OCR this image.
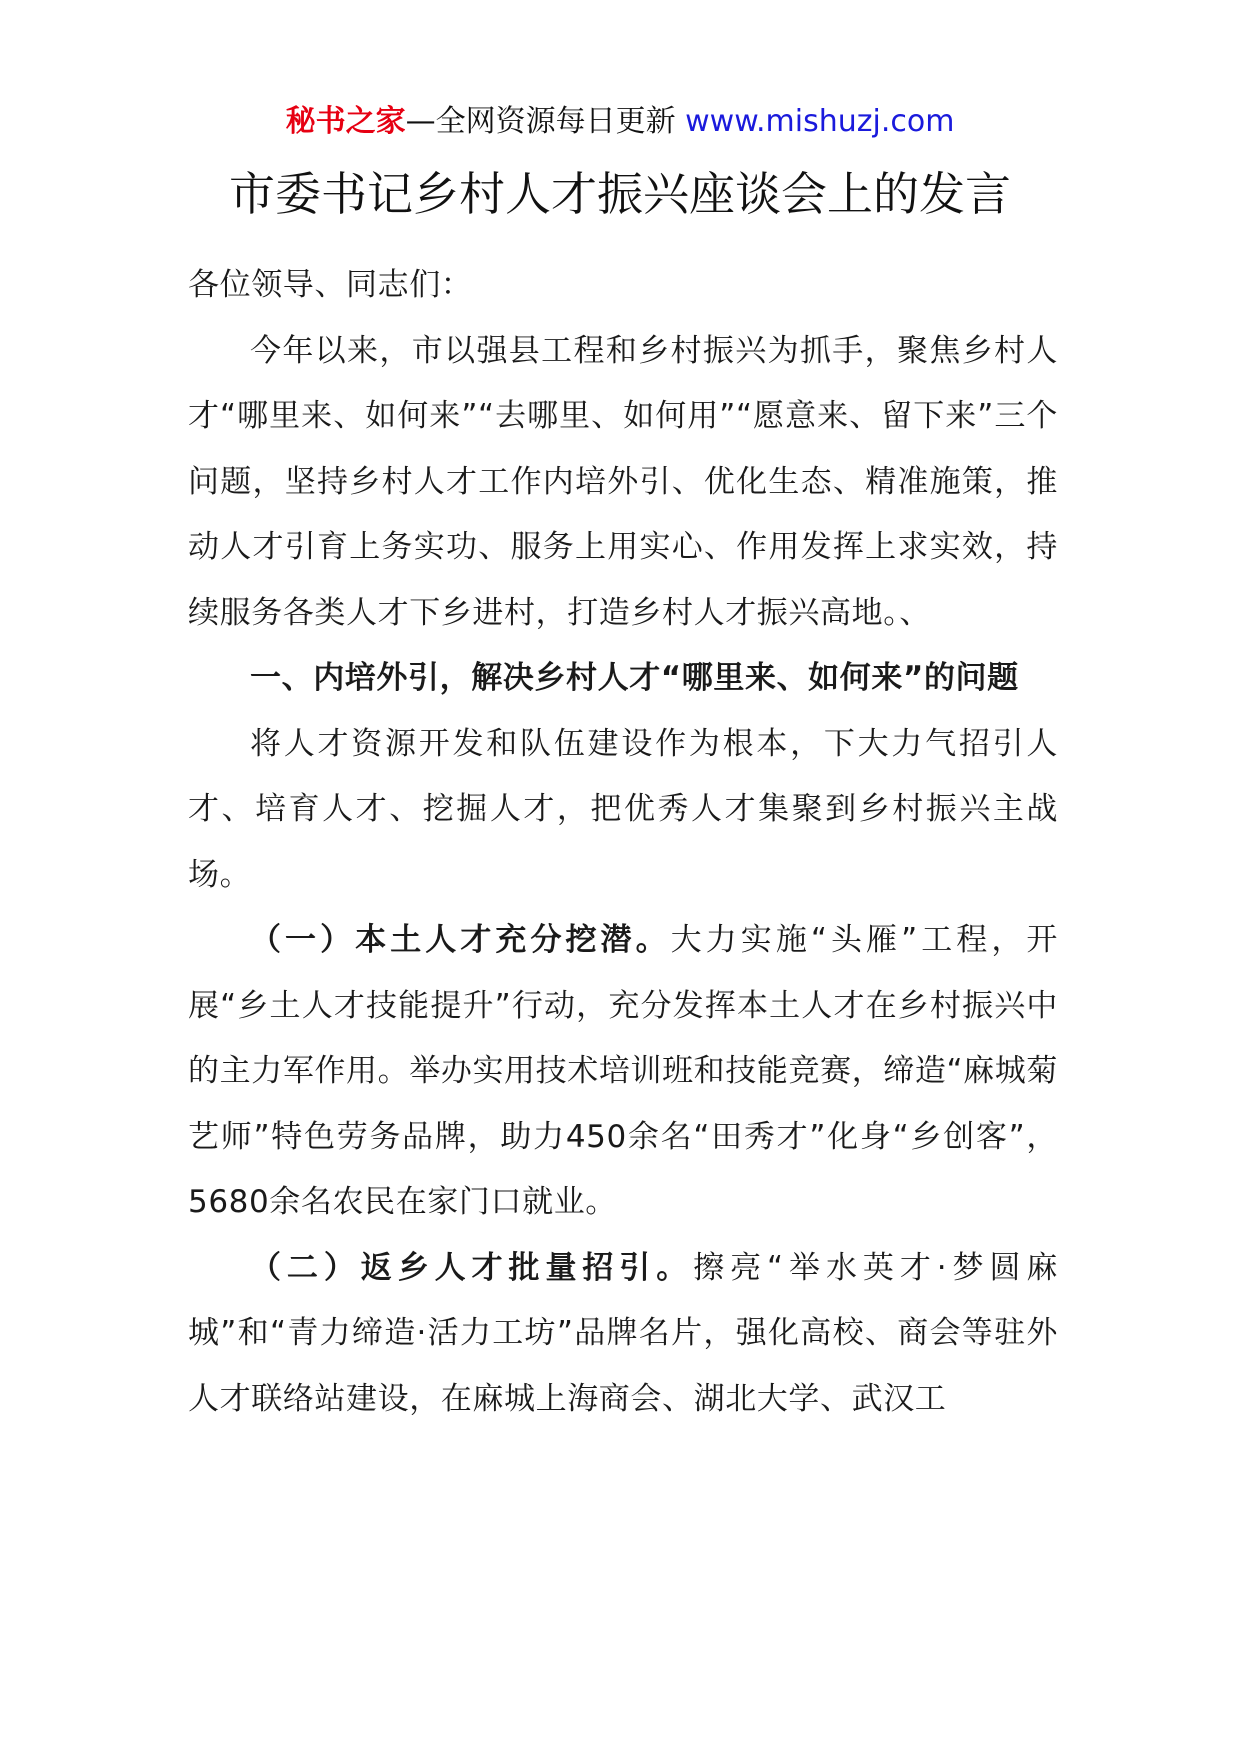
秘书之家—全网资源每日更新 www.mishuzj.com
市委书记乡村人才振兴座谈会上的发言

各位领导、同志们：

今年以来，市以强县工程和乡村振兴为抓手，聚焦乡村人才“哪里来、如何来”“去哪里、如何用”“愿意来、留下来”三个问题，坚持乡村人才工作内培外引、优化生态、精准施策，推动人才引育上务实功、服务上用实心、作用发挥上求实效，持续服务各类人才下乡进村，打造乡村人才振兴高地。、

一、内培外引，解决乡村人才“哪里来、如何来”的问题

将人才资源开发和队伍建设作为根本，下大力气招引人才、培育人才、挖掘人才，把优秀人才集聚到乡村振兴主战场。

（一）本土人才充分挖潜。大力实施“头雁”工程，开展“乡土人才技能提升”行动，充分发挥本土人才在乡村振兴中的主力军作用。举办实用技术培训班和技能竞赛，缔造“麻城菊艺师”特色劳务品牌，助力450余名“田秀才”化身“乡创客”，5680余名农民在家门口就业。

（二）返乡人才批量招引。擦亮“举水英才·梦圆麻城”和“青力缔造·活力工坊”品牌名片，强化高校、商会等驻外人才联络站建设，在麻城上海商会、湖北大学、武汉工
